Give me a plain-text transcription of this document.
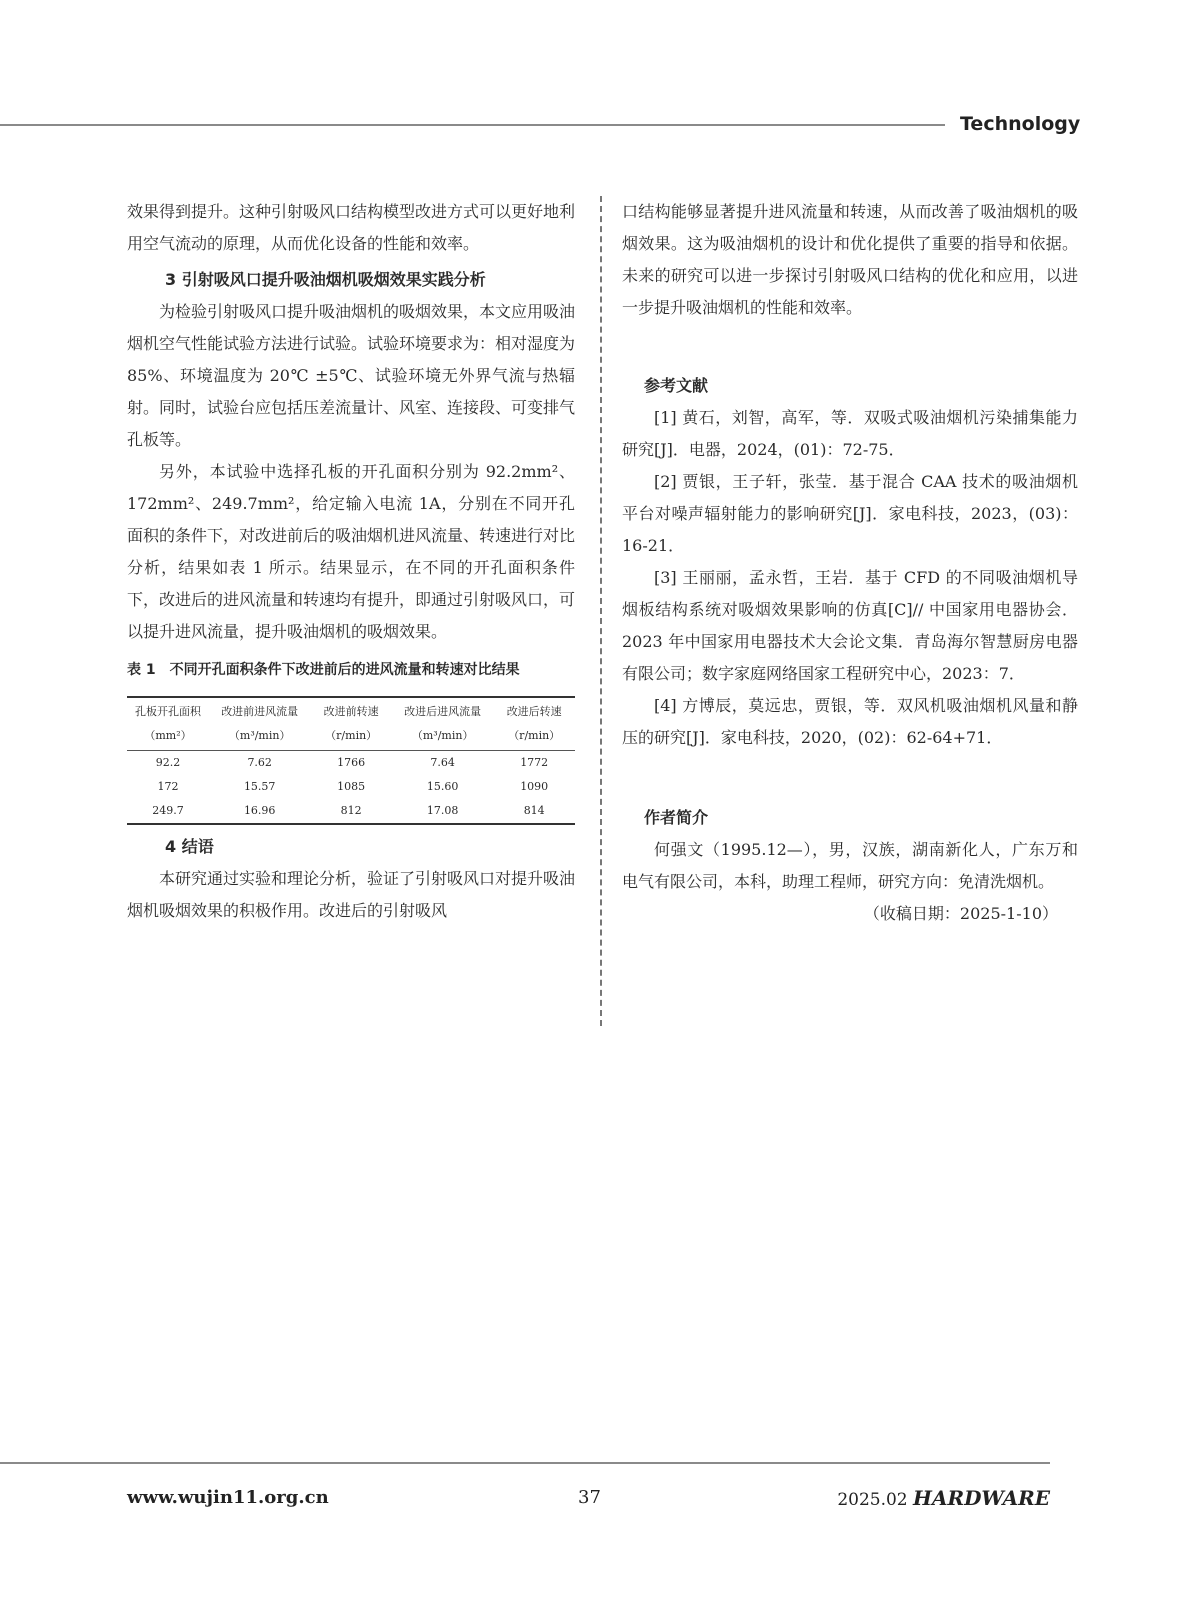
Technology

效果得到提升。这种引射吸风口结构模型改进方式可以更好地利用空气流动的原理，从而优化设备的性能和效率。

3 引射吸风口提升吸油烟机吸烟效果实践分析

为检验引射吸风口提升吸油烟机的吸烟效果，本文应用吸油烟机空气性能试验方法进行试验。试验环境要求为：相对湿度为 85%、环境温度为 20℃ ±5℃、试验环境无外界气流与热辐射。同时，试验台应包括压差流量计、风室、连接段、可变排气孔板等。

另外，本试验中选择孔板的开孔面积分别为 92.2mm²、172mm²、249.7mm²，给定输入电流 1A，分别在不同开孔面积的条件下，对改进前后的吸油烟机进风流量、转速进行对比分析，结果如表 1 所示。结果显示，在不同的开孔面积条件下，改进后的进风流量和转速均有提升，即通过引射吸风口，可以提升进风流量，提升吸油烟机的吸烟效果。

表 1　不同开孔面积条件下改进前后的进风流量和转速对比结果
孔板开孔面积（mm²）	改进前进风流量（m³/min）	改进前转速（r/min）	改进后进风流量（m³/min）	改进后转速（r/min）
92.2	7.62	1766	7.64	1772
172	15.57	1085	15.60	1090
249.7	16.96	812	17.08	814
4 结语

本研究通过实验和理论分析，验证了引射吸风口对提升吸油烟机吸烟效果的积极作用。改进后的引射吸风

口结构能够显著提升进风流量和转速，从而改善了吸油烟机的吸烟效果。这为吸油烟机的设计和优化提供了重要的指导和依据。未来的研究可以进一步探讨引射吸风口结构的优化和应用，以进一步提升吸油烟机的性能和效率。

参考文献

[1] 黄石，刘智，高军，等．双吸式吸油烟机污染捕集能力研究[J]．电器，2024，(01)：72-75．

[2] 贾银，王子轩，张莹．基于混合 CAA 技术的吸油烟机平台对噪声辐射能力的影响研究[J]．家电科技，2023，(03)：16-21．

[3] 王丽丽，孟永哲，王岩．基于 CFD 的不同吸油烟机导烟板结构系统对吸烟效果影响的仿真[C]// 中国家用电器协会．2023 年中国家用电器技术大会论文集．青岛海尔智慧厨房电器有限公司；数字家庭网络国家工程研究中心，2023：7．

[4] 方博辰，莫远忠，贾银，等．双风机吸油烟机风量和静压的研究[J]．家电科技，2020，(02)：62-64+71．

作者简介

何强文（1995.12—），男，汉族，湖南新化人，广东万和电气有限公司，本科，助理工程师，研究方向：免清洗烟机。

（收稿日期：2025-1-10）

www.wujin11.org.cn	37	2025.02 HARDWARE
